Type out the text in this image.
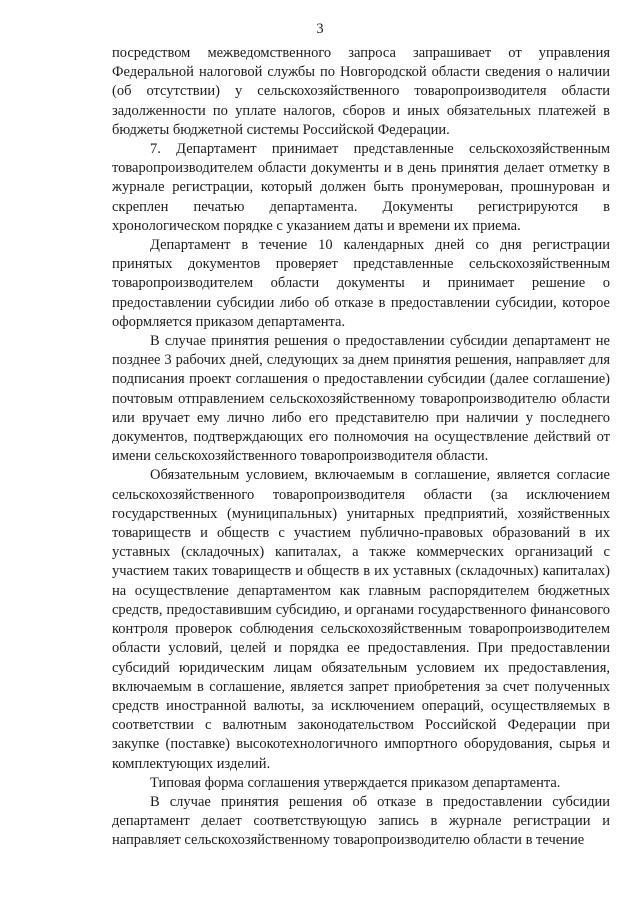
3

посредством межведомственного запроса запрашивает от управления Федеральной налоговой службы по Новгородской области сведения о наличии (об отсутствии) у сельскохозяйственного товаропроизводителя области задолженности по уплате налогов, сборов и иных обязательных платежей в бюджеты бюджетной системы Российской Федерации.

7. Департамент принимает представленные сельскохозяйственным товаропроизводителем области документы и в день принятия делает отметку в журнале регистрации, который должен быть пронумерован, прошнурован и скреплен печатью департамента. Документы регистрируются в хронологическом порядке с указанием даты и времени их приема.

Департамент в течение 10 календарных дней со дня регистрации принятых документов проверяет представленные сельскохозяйственным товаропроизводителем области документы и принимает решение о предоставлении субсидии либо об отказе в предоставлении субсидии, которое оформляется приказом департамента.

В случае принятия решения о предоставлении субсидии департамент не позднее 3 рабочих дней, следующих за днем принятия решения, направляет для подписания проект соглашения о предоставлении субсидии (далее соглашение) почтовым отправлением сельскохозяйственному товаропроизводителю области или вручает ему лично либо его представителю при наличии у последнего документов, подтверждающих его полномочия на осуществление действий от имени сельскохозяйственного товаропроизводителя области.

Обязательным условием, включаемым в соглашение, является согласие сельскохозяйственного товаропроизводителя области (за исключением государственных (муниципальных) унитарных предприятий, хозяйственных товариществ и обществ с участием публично-правовых образований в их уставных (складочных) капиталах, а также коммерческих организаций с участием таких товариществ и обществ в их уставных (складочных) капиталах) на осуществление департаментом как главным распорядителем бюджетных средств, предоставившим субсидию, и органами государственного финансового контроля проверок соблюдения сельскохозяйственным товаропроизводителем области условий, целей и порядка ее предоставления. При предоставлении субсидий юридическим лицам обязательным условием их предоставления, включаемым в соглашение, является запрет приобретения за счет полученных средств иностранной валюты, за исключением операций, осуществляемых в соответствии с валютным законодательством Российской Федерации при закупке (поставке) высокотехнологичного импортного оборудования, сырья и комплектующих изделий.

Типовая форма соглашения утверждается приказом департамента.

В случае принятия решения об отказе в предоставлении субсидии департамент делает соответствующую запись в журнале регистрации и направляет сельскохозяйственному товаропроизводителю области в течение
